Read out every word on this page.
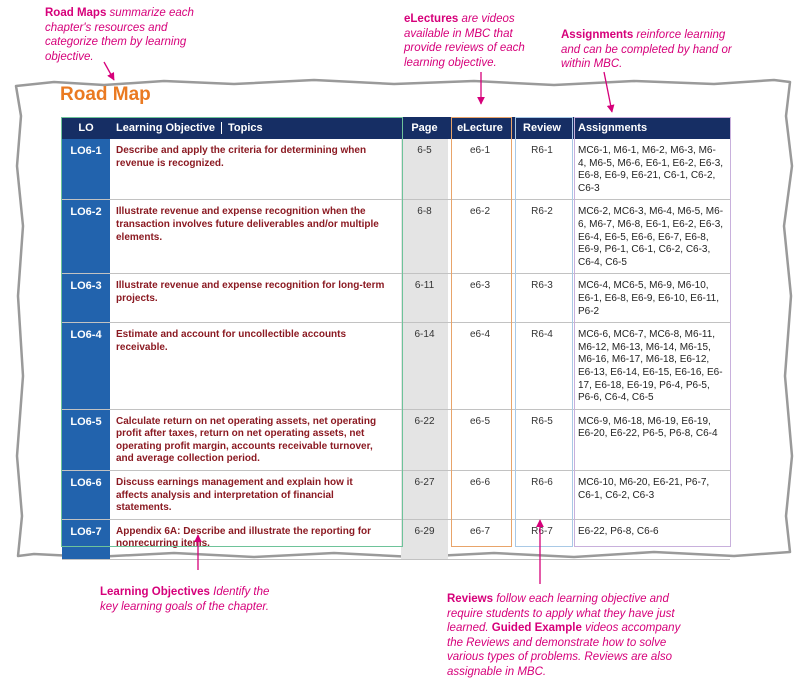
Road Maps summarize each chapter's resources and categorize them by learning objective.
eLectures are videos available in MBC that provide reviews of each learning objective.
Assignments reinforce learning and can be completed by hand or within MBC.
Learning Objectives Identify the key learning goals of the chapter.
Reviews follow each learning objective and require students to apply what they have just learned. Guided Example videos accompany the Reviews and demonstrate how to solve various types of problems. Reviews are also assignable in MBC.
Road Map
LO	Learning Objective Topics	Page	eLecture	Review	Assignments
LO6-1	Describe and apply the criteria for determining when revenue is recognized.	6-5	e6-1	R6-1	MC6-1, M6-1, M6-2, M6-3, M6-4, M6-5, M6-6, E6-1, E6-2, E6-3, E6-8, E6-9, E6-21, C6-1, C6-2, C6-3
LO6-2	Illustrate revenue and expense recognition when the transaction involves future deliverables and/or multiple elements.	6-8	e6-2	R6-2	MC6-2, MC6-3, M6-4, M6-5, M6-6, M6-7, M6-8, E6-1, E6-2, E6-3, E6-4, E6-5, E6-6, E6-7, E6-8, E6-9, P6-1, C6-1, C6-2, C6-3, C6-4, C6-5
LO6-3	Illustrate revenue and expense recognition for long-term projects.	6-11	e6-3	R6-3	MC6-4, MC6-5, M6-9, M6-10, E6-1, E6-8, E6-9, E6-10, E6-11, P6-2
LO6-4	Estimate and account for uncollectible accounts receivable.	6-14	e6-4	R6-4	MC6-6, MC6-7, MC6-8, M6-11, M6-12, M6-13, M6-14, M6-15, M6-16, M6-17, M6-18, E6-12, E6-13, E6-14, E6-15, E6-16, E6-17, E6-18, E6-19, P6-4, P6-5, P6-6, C6-4, C6-5
LO6-5	Calculate return on net operating assets, net operating profit after taxes, return on net operating assets, net operating profit margin, accounts receivable turnover, and average collection period.	6-22	e6-5	R6-5	MC6-9, M6-18, M6-19, E6-19, E6-20, E6-22, P6-5, P6-8, C6-4
LO6-6	Discuss earnings management and explain how it affects analysis and interpretation of financial statements.	6-27	e6-6	R6-6	MC6-10, M6-20, E6-21, P6-7, C6-1, C6-2, C6-3
LO6-7	Appendix 6A: Describe and illustrate the reporting for nonrecurring items.	6-29	e6-7	R6-7	E6-22, P6-8, C6-6
